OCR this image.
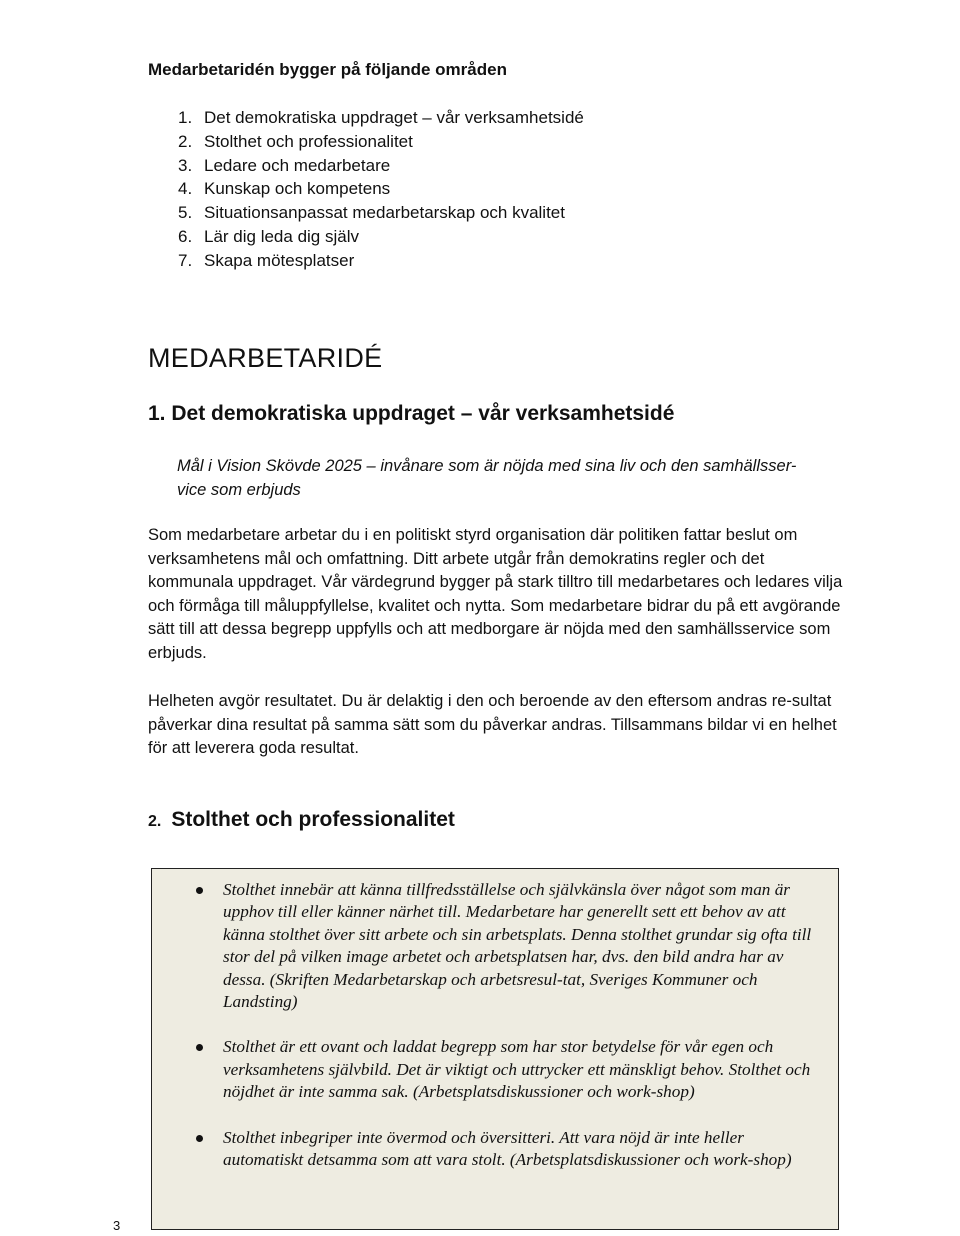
Medarbetaridén bygger på följande områden
1. Det demokratiska uppdraget – vår verksamhetsidé
2. Stolthet och professionalitet
3. Ledare och medarbetare
4. Kunskap och kompetens
5. Situationsanpassat medarbetarskap och kvalitet
6. Lär dig leda dig själv
7. Skapa mötesplatser
MEDARBETARIDÉ
1. Det demokratiska uppdraget – vår verksamhetsidé

Mål i Vision Skövde 2025 – invånare som är nöjda med sina liv och den samhällsser-vice som erbjuds

Som medarbetare arbetar du i en politiskt styrd organisation där politiken fattar beslut om verksamhetens mål och omfattning. Ditt arbete utgår från demokratins regler och det kommunala uppdraget. Vår värdegrund bygger på stark tilltro till medarbetares och ledares vilja och förmåga till måluppfyllelse, kvalitet och nytta. Som medarbetare bidrar du på ett avgörande sätt till att dessa begrepp uppfylls och att medborgare är nöjda med den samhällsservice som erbjuds.

Helheten avgör resultatet. Du är delaktig i den och beroende av den eftersom andras re-sultat påverkar dina resultat på samma sätt som du påverkar andras. Tillsammans bildar vi en helhet för att leverera goda resultat.

2. Stolthet och professionalitet
Stolthet innebär att känna tillfredsställelse och självkänsla över något som man är upphov till eller känner närhet till. Medarbetare har generellt sett ett behov av att känna stolthet över sitt arbete och sin arbetsplats. Denna stolthet grundar sig ofta till stor del på vilken image arbetet och arbetsplatsen har, dvs. den bild andra har av dessa. (Skriften Medarbetarskap och arbetsresul-tat, Sveriges Kommuner och Landsting)
Stolthet är ett ovant och laddat begrepp som har stor betydelse för vår egen och verksamhetens självbild. Det är viktigt och uttrycker ett mänskligt behov. Stolthet och nöjdhet är inte samma sak. (Arbetsplatsdiskussioner och work-shop)
Stolthet inbegriper inte övermod och översitteri. Att vara nöjd är inte heller automatiskt detsamma som att vara stolt. (Arbetsplatsdiskussioner och work-shop)
3
